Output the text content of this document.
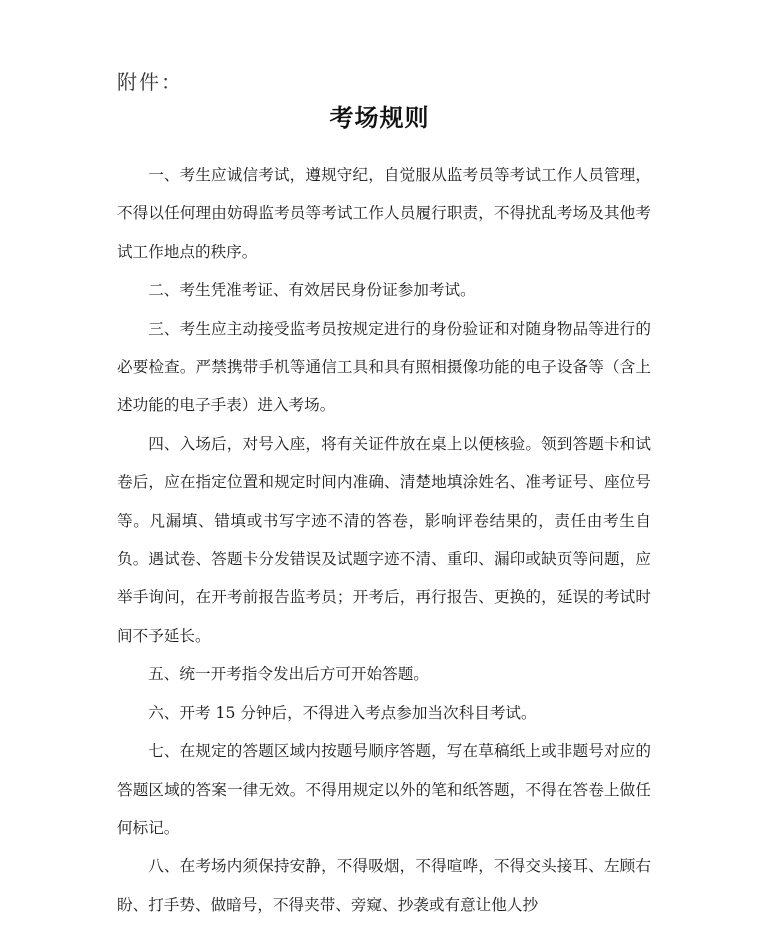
附件：
考场规则

一、考生应诚信考试，遵规守纪，自觉服从监考员等考试工作人员管理，不得以任何理由妨碍监考员等考试工作人员履行职责，不得扰乱考场及其他考试工作地点的秩序。

二、考生凭准考证、有效居民身份证参加考试。

三、考生应主动接受监考员按规定进行的身份验证和对随身物品等进行的必要检查。严禁携带手机等通信工具和具有照相摄像功能的电子设备等（含上述功能的电子手表）进入考场。

四、入场后，对号入座，将有关证件放在桌上以便核验。领到答题卡和试卷后，应在指定位置和规定时间内准确、清楚地填涂姓名、准考证号、座位号等。凡漏填、错填或书写字迹不清的答卷，影响评卷结果的，责任由考生自负。遇试卷、答题卡分发错误及试题字迹不清、重印、漏印或缺页等问题，应举手询问，在开考前报告监考员；开考后，再行报告、更换的，延误的考试时间不予延长。

五、统一开考指令发出后方可开始答题。

六、开考 15 分钟后，不得进入考点参加当次科目考试。

七、在规定的答题区域内按题号顺序答题，写在草稿纸上或非题号对应的答题区域的答案一律无效。不得用规定以外的笔和纸答题，不得在答卷上做任何标记。

八、在考场内须保持安静，不得吸烟，不得喧哗，不得交头接耳、左顾右盼、打手势、做暗号，不得夹带、旁窥、抄袭或有意让他人抄
